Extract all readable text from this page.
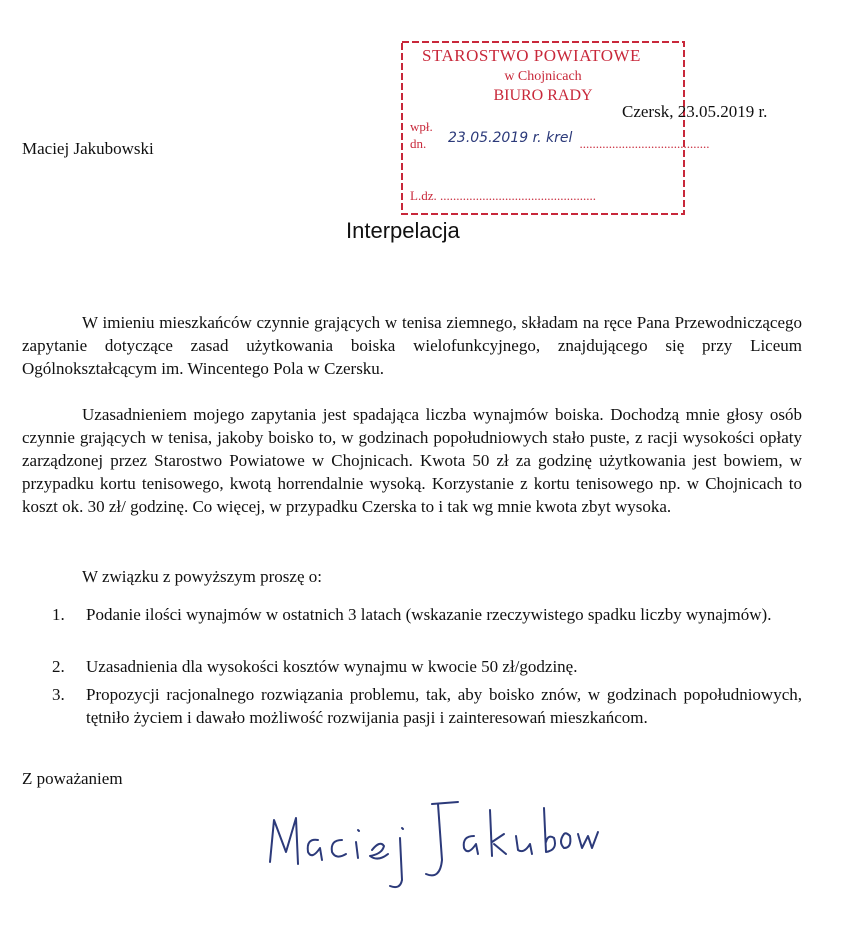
STAROSTWO POWIATOWE
w Chojnicach
BIURO RADY
wpł.
dn.	........................................
23.05.2019 r. krel
L.dz. ................................................
Czersk, 23.05.2019 r.
Maciej Jakubowski
Interpelacja

W imieniu mieszkańców czynnie grających w tenisa ziemnego, składam na ręce Pana Przewodniczącego zapytanie dotyczące zasad użytkowania boiska wielofunkcyjnego, znajdującego się przy Liceum Ogólnokształcącym im. Wincentego Pola w Czersku.

Uzasadnieniem mojego zapytania jest spadająca liczba wynajmów boiska. Dochodzą mnie głosy osób czynnie grających w tenisa, jakoby boisko to, w godzinach popołudniowych stało puste, z racji wysokości opłaty zarządzonej przez Starostwo Powiatowe w Chojnicach. Kwota 50 zł za godzinę użytkowania jest bowiem, w przypadku kortu tenisowego, kwotą horrendalnie wysoką. Korzystanie z kortu tenisowego np. w Chojnicach to koszt ok. 30 zł/ godzinę. Co więcej, w przypadku Czerska to i tak wg mnie kwota zbyt wysoka.

W związku z powyższym proszę o:

1. Podanie ilości wynajmów w ostatnich 3 latach (wskazanie rzeczywistego spadku liczby wynajmów).
2. Uzasadnienia dla wysokości kosztów wynajmu w kwocie 50 zł/godzinę.
3. Propozycji racjonalnego rozwiązania problemu, tak, aby boisko znów, w godzinach popołudniowych, tętniło życiem i dawało możliwość rozwijania pasji i zainteresowań mieszkańcom.
Z poważaniem
